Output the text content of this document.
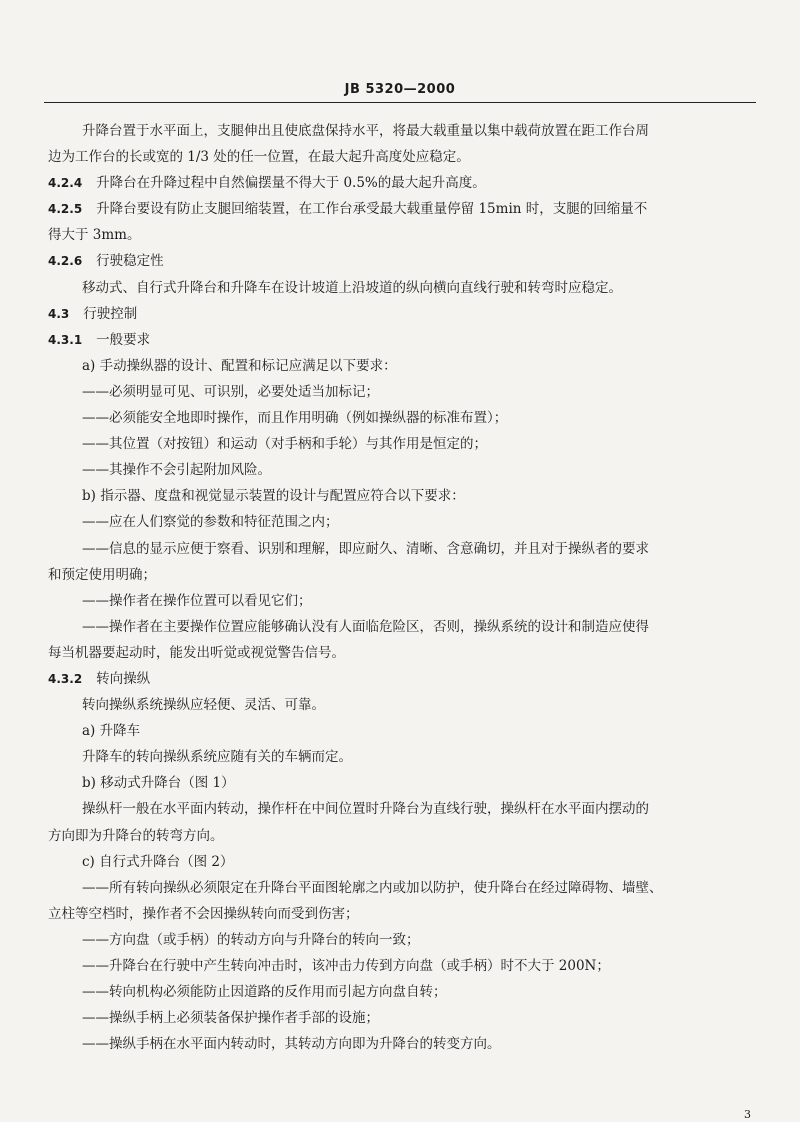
JB 5320—2000

升降台置于水平面上，支腿伸出且使底盘保持水平，将最大载重量以集中载荷放置在距工作台周

边为工作台的长或宽的 1/3 处的任一位置，在最大起升高度处应稳定。

4.2.4 升降台在升降过程中自然偏摆量不得大于 0.5%的最大起升高度。

4.2.5 升降台要设有防止支腿回缩装置，在工作台承受最大载重量停留 15min 时，支腿的回缩量不

得大于 3mm。

4.2.6 行驶稳定性

移动式、自行式升降台和升降车在设计坡道上沿坡道的纵向横向直线行驶和转弯时应稳定。

4.3 行驶控制

4.3.1 一般要求

a) 手动操纵器的设计、配置和标记应满足以下要求：

——必须明显可见、可识别，必要处适当加标记；

——必须能安全地即时操作，而且作用明确（例如操纵器的标准布置）；

——其位置（对按钮）和运动（对手柄和手轮）与其作用是恒定的；

——其操作不会引起附加风险。

b) 指示器、度盘和视觉显示装置的设计与配置应符合以下要求：

——应在人们察觉的参数和特征范围之内；

——信息的显示应便于察看、识别和理解，即应耐久、清晰、含意确切，并且对于操纵者的要求

和预定使用明确；

——操作者在操作位置可以看见它们；

——操作者在主要操作位置应能够确认没有人面临危险区，否则，操纵系统的设计和制造应使得

每当机器要起动时，能发出听觉或视觉警告信号。

4.3.2 转向操纵

转向操纵系统操纵应轻便、灵活、可靠。

a) 升降车

升降车的转向操纵系统应随有关的车辆而定。

b) 移动式升降台（图 1）

操纵杆一般在水平面内转动，操作杆在中间位置时升降台为直线行驶，操纵杆在水平面内摆动的

方向即为升降台的转弯方向。

c) 自行式升降台（图 2）

——所有转向操纵必须限定在升降台平面图轮廓之内或加以防护，使升降台在经过障碍物、墙壁、

立柱等空档时，操作者不会因操纵转向而受到伤害；

——方向盘（或手柄）的转动方向与升降台的转向一致；

——升降台在行驶中产生转向冲击时，该冲击力传到方向盘（或手柄）时不大于 200N；

——转向机构必须能防止因道路的反作用而引起方向盘自转；

——操纵手柄上必须装备保护操作者手部的设施；

——操纵手柄在水平面内转动时，其转动方向即为升降台的转变方向。

3
